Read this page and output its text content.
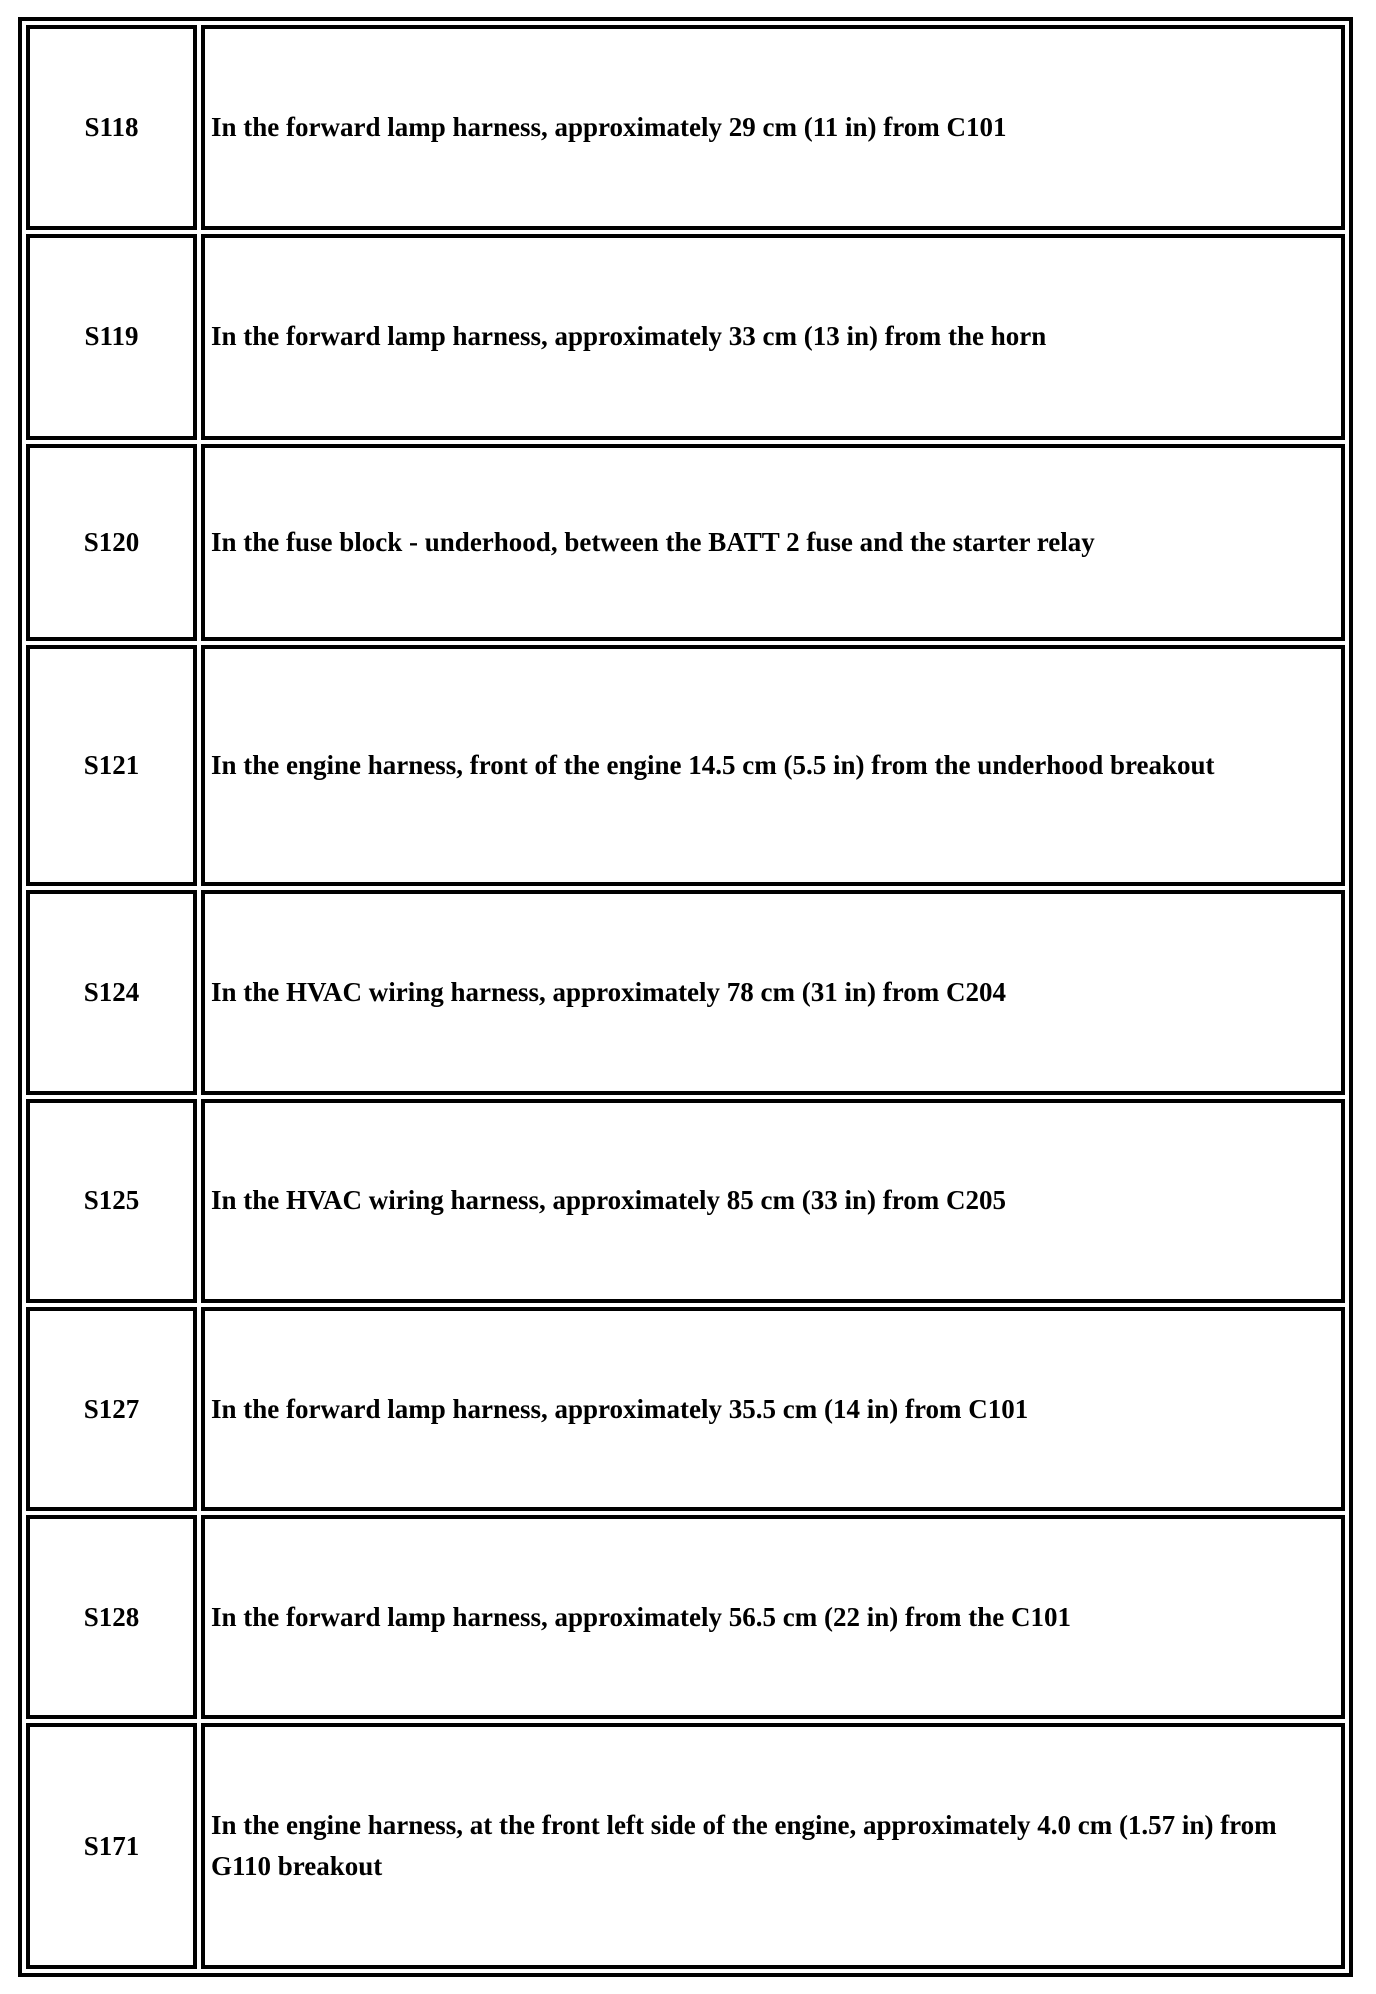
S118	In the forward lamp harness, approximately 29 cm (11 in) from C101
S119	In the forward lamp harness, approximately 33 cm (13 in) from the horn
S120	In the fuse block - underhood, between the BATT 2 fuse and the starter relay
S121	In the engine harness, front of the engine 14.5 cm (5.5 in) from the underhood breakout
S124	In the HVAC wiring harness, approximately 78 cm (31 in) from C204
S125	In the HVAC wiring harness, approximately 85 cm (33 in) from C205
S127	In the forward lamp harness, approximately 35.5 cm (14 in) from C101
S128	In the forward lamp harness, approximately 56.5 cm (22 in) from the C101
S171	In the engine harness, at the front left side of the engine, approximately 4.0 cm (1.57 in) from G110 breakout
